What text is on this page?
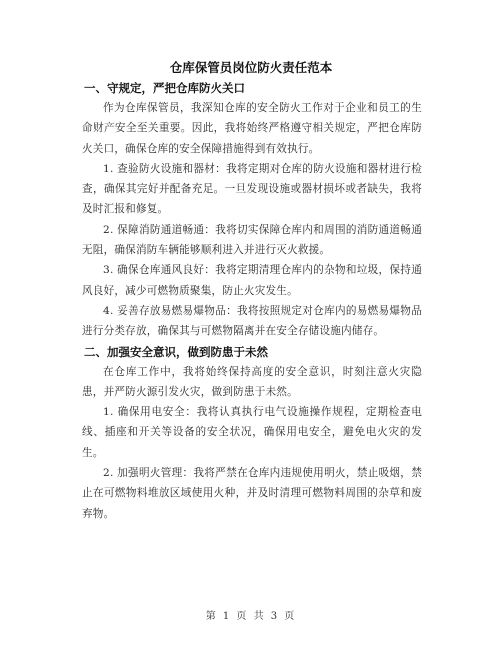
仓库保管员岗位防火责任范本

一、守规定，严把仓库防火关口

作为仓库保管员，我深知仓库的安全防火工作对于企业和员工的生命财产安全至关重要。因此，我将始终严格遵守相关规定，严把仓库防火关口，确保仓库的安全保障措施得到有效执行。

1. 查验防火设施和器材：我将定期对仓库的防火设施和器材进行检查，确保其完好并配备充足。一旦发现设施或器材损坏或者缺失，我将及时汇报和修复。

2. 保障消防通道畅通：我将切实保障仓库内和周围的消防通道畅通无阻，确保消防车辆能够顺利进入并进行灭火救援。

3. 确保仓库通风良好：我将定期清理仓库内的杂物和垃圾，保持通风良好，减少可燃物质聚集，防止火灾发生。

4. 妥善存放易燃易爆物品：我将按照规定对仓库内的易燃易爆物品进行分类存放，确保其与可燃物隔离并在安全存储设施内储存。

二、加强安全意识，做到防患于未然

在仓库工作中，我将始终保持高度的安全意识，时刻注意火灾隐患，并严防火源引发火灾，做到防患于未然。

1. 确保用电安全：我将认真执行电气设施操作规程，定期检查电线、插座和开关等设备的安全状况，确保用电安全，避免电火灾的发生。

2. 加强明火管理：我将严禁在仓库内违规使用明火，禁止吸烟，禁止在可燃物料堆放区域使用火种，并及时清理可燃物料周围的杂草和废弃物。

第 1 页 共 3 页
